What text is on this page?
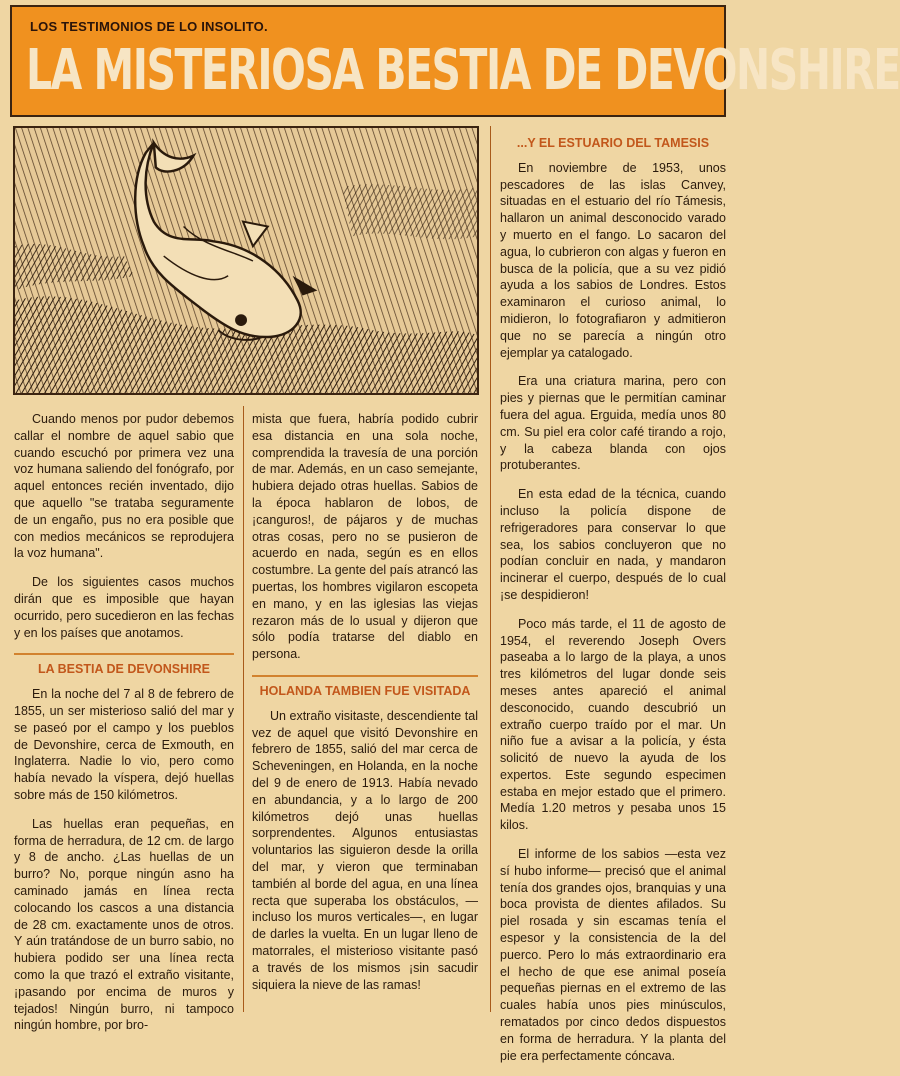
LOS TESTIMONIOS DE LO INSOLITO.
LA MISTERIOSA BESTIA DE DEVONSHIRE

Cuando menos por pudor debemos callar el nombre de aquel sabio que cuando escuchó por primera vez una voz humana saliendo del fonógrafo, por aquel entonces recién inventado, dijo que aquello "se trataba seguramente de un engaño, pus no era posible que con medios mecánicos se reprodujera la voz humana".

De los siguientes casos muchos dirán que es imposible que hayan ocurrido, pero sucedieron en las fechas y en los países que anotamos.

LA BESTIA DE DEVONSHIRE

En la noche del 7 al 8 de febrero de 1855, un ser misterioso salió del mar y se paseó por el campo y los pueblos de Devonshire, cerca de Exmouth, en Inglaterra. Nadie lo vio, pero como había nevado la víspera, dejó huellas sobre más de 150 kilómetros.

Las huellas eran pequeñas, en forma de herradura, de 12 cm. de largo y 8 de ancho. ¿Las huellas de un burro? No, porque ningún asno ha caminado jamás en línea recta colocando los cascos a una distancia de 28 cm. exactamente unos de otros. Y aún tratándose de un burro sabio, no hubiera podido ser una línea recta como la que trazó el extraño visitante,¡pasando por encima de muros y tejados! Ningún burro, ni tampoco ningún hombre, por bro-

mista que fuera, habría podido cubrir esa distancia en una sola noche, comprendida la travesía de una porción de mar. Además, en un caso semejante, hubiera dejado otras huellas. Sabios de la época hablaron de lobos, de ¡canguros!, de pájaros y de muchas otras cosas, pero no se pusieron de acuerdo en nada, según es en ellos costumbre. La gente del país atrancó las puertas, los hombres vigilaron escopeta en mano, y en las iglesias las viejas rezaron más de lo usual y dijeron que sólo podía tratarse del diablo en persona.

HOLANDA TAMBIEN FUE VISITADA

Un extraño visitaste, descendiente tal vez de aquel que visitó Devonshire en febrero de 1855, salió del mar cerca de Scheveningen, en Holanda, en la noche del 9 de enero de 1913. Había nevado en abundancia, y a lo largo de 200 kilómetros dejó unas huellas sorprendentes. Algunos entusiastas voluntarios las siguieron desde la orilla del mar, y vieron que terminaban también al borde del agua, en una línea recta que superaba los obstáculos, —incluso los muros verticales—, en lugar de darles la vuelta. En un lugar lleno de matorrales, el misterioso visitante pasó a través de los mismos ¡sin sacudir siquiera la nieve de las ramas!

...Y EL ESTUARIO DEL TAMESIS

En noviembre de 1953, unos pescadores de las islas Canvey, situadas en el estuario del río Támesis, hallaron un animal desconocido varado y muerto en el fango. Lo sacaron del agua, lo cubrieron con algas y fueron en busca de la policía, que a su vez pidió ayuda a los sabios de Londres. Estos examinaron el curioso animal, lo midieron, lo fotografiaron y admitieron que no se parecía a ningún otro ejemplar ya catalogado.

Era una criatura marina, pero con pies y piernas que le permitían caminar fuera del agua. Erguida, medía unos 80 cm. Su piel era color café tirando a rojo, y la cabeza blanda con ojos protuberantes.

En esta edad de la técnica, cuando incluso la policía dispone de refrigeradores para conservar lo que sea, los sabios concluyeron que no podían concluir en nada, y mandaron incinerar el cuerpo, después de lo cual ¡se despidieron!

Poco más tarde, el 11 de agosto de 1954, el reverendo Joseph Overs paseaba a lo largo de la playa, a unos tres kilómetros del lugar donde seis meses antes apareció el animal desconocido, cuando descubrió un extraño cuerpo traído por el mar. Un niño fue a avisar a la policía, y ésta solicitó de nuevo la ayuda de los expertos. Este segundo especimen estaba en mejor estado que el primero. Medía 1.20 metros y pesaba unos 15 kilos.

El informe de los sabios —esta vez sí hubo informe— precisó que el animal tenía dos grandes ojos, branquias y una boca provista de dientes afilados. Su piel rosada y sin escamas tenía el espesor y la consistencia de la del puerco. Pero lo más extraordinario era el hecho de que ese animal poseía pequeñas piernas en el extremo de las cuales había unos pies minúsculos, rematados por cinco dedos dispuestos en forma de herradura. Y la planta del pie era perfectamente cóncava.
